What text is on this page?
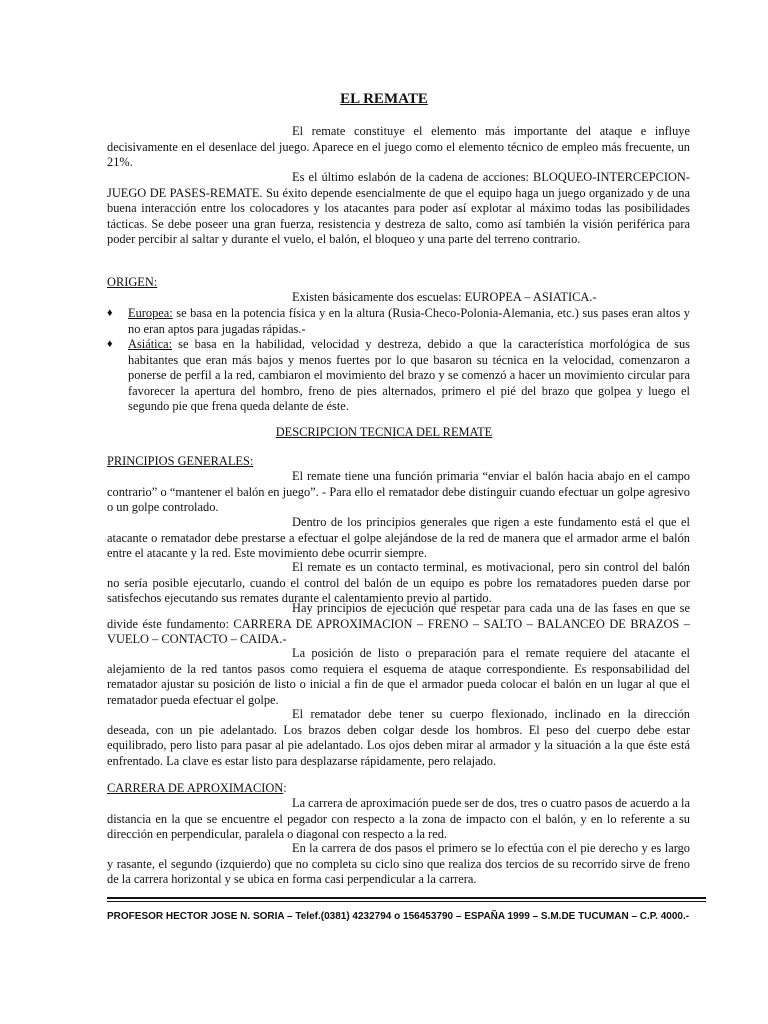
EL REMATE

El remate constituye el elemento más importante del ataque e influye decisivamente en el desenlace del juego. Aparece en el juego como el elemento técnico de empleo más frecuente, un 21%.

Es el último eslabón de la cadena de acciones: BLOQUEO-INTERCEPCION-JUEGO DE PASES-REMATE. Su éxito depende esencialmente de que el equipo haga un juego organizado y de una buena interacción entre los colocadores y los atacantes para poder así explotar al máximo todas las posibilidades tácticas. Se debe poseer una gran fuerza, resistencia y destreza de salto, como así también la visión periférica para poder percibir al saltar y durante el vuelo, el balón, el bloqueo y una parte del terreno contrario.

ORIGEN:

Existen básicamente dos escuelas: EUROPEA – ASIATICA.-

♦ Europea: se basa en la potencia física y en la altura (Rusia-Checo-Polonia-Alemania, etc.) sus pases eran altos y no eran aptos para jugadas rápidas.-
♦ Asiática: se basa en la habilidad, velocidad y destreza, debido a que la característica morfológica de sus habitantes que eran más bajos y menos fuertes por lo que basaron su técnica en la velocidad, comenzaron a ponerse de perfil a la red, cambiaron el movimiento del brazo y se comenzó a hacer un movimiento circular para favorecer la apertura del hombro, freno de pies alternados, primero el pié del brazo que golpea y luego el segundo pie que frena queda delante de éste.
DESCRIPCION TECNICA DEL REMATE
PRINCIPIOS GENERALES:

El remate tiene una función primaria “enviar el balón hacia abajo en el campo contrario” o “mantener el balón en juego”. - Para ello el rematador debe distinguir cuando efectuar un golpe agresivo o un golpe controlado.

Dentro de los principios generales que rigen a este fundamento está el que el atacante o rematador debe prestarse a efectuar el golpe alejándose de la red de manera que el armador arme el balón entre el atacante y la red. Este movimiento debe ocurrir siempre.

El remate es un contacto terminal, es motivacional, pero sin control del balón no sería posible ejecutarlo, cuando el control del balón de un equipo es pobre los rematadores pueden darse por satisfechos ejecutando sus remates durante el calentamiento previo al partido.

Hay principios de ejecución que respetar para cada una de las fases en que se divide éste fundamento: CARRERA DE APROXIMACION – FRENO – SALTO – BALANCEO DE BRAZOS – VUELO – CONTACTO – CAIDA.-

La posición de listo o preparación para el remate requiere del atacante el alejamiento de la red tantos pasos como requiera el esquema de ataque correspondiente. Es responsabilidad del rematador ajustar su posición de listo o inicial a fin de que el armador pueda colocar el balón en un lugar al que el rematador pueda efectuar el golpe.

El rematador debe tener su cuerpo flexionado, inclinado en la dirección deseada, con un pie adelantado. Los brazos deben colgar desde los hombros. El peso del cuerpo debe estar equilibrado, pero listo para pasar al pie adelantado. Los ojos deben mirar al armador y la situación a la que éste está enfrentado. La clave es estar listo para desplazarse rápidamente, pero relajado.

CARRERA DE APROXIMACION:

La carrera de aproximación puede ser de dos, tres o cuatro pasos de acuerdo a la distancia en la que se encuentre el pegador con respecto a la zona de impacto con el balón, y en lo referente a su dirección en perpendicular, paralela o diagonal con respecto a la red.

En la carrera de dos pasos el primero se lo efectúa con el pie derecho y es largo y rasante, el segundo (izquierdo) que no completa su ciclo sino que realiza dos tercios de su recorrido sirve de freno de la carrera horizontal y se ubica en forma casi perpendicular a la carrera.

PROFESOR HECTOR JOSE N. SORIA – Telef.(0381) 4232794 o 156453790 – ESPAÑA 1999 – S.M.DE TUCUMAN – C.P. 4000.-
